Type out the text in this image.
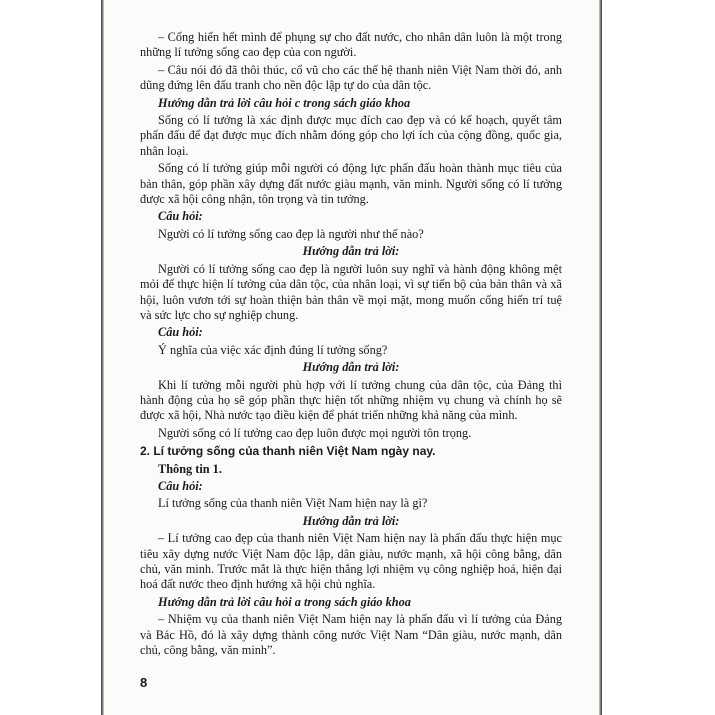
– Cống hiến hết mình để phụng sự cho đất nước, cho nhân dân luôn là một trong những lí tưởng sống cao đẹp của con người.

– Câu nói đó đã thôi thúc, cổ vũ cho các thế hệ thanh niên Việt Nam thời đó, anh dũng đứng lên đấu tranh cho nền độc lập tự do của dân tộc.

Hướng dẫn trả lời câu hỏi c trong sách giáo khoa

Sống có lí tưởng là xác định được mục đích cao đẹp và có kế hoạch, quyết tâm phấn đấu để đạt được mục đích nhằm đóng góp cho lợi ích của cộng đồng, quốc gia, nhân loại.

Sống có lí tưởng giúp mỗi người có động lực phấn đấu hoàn thành mục tiêu của bản thân, góp phần xây dựng đất nước giàu mạnh, văn minh. Người sống có lí tưởng được xã hội công nhận, tôn trọng và tin tưởng.

Câu hỏi:

Người có lí tưởng sống cao đẹp là người như thế nào?

Hướng dẫn trả lời:

Người có lí tưởng sống cao đẹp là người luôn suy nghĩ và hành động không mệt mỏi để thực hiện lí tưởng của dân tộc, của nhân loại, vì sự tiến bộ của bản thân và xã hội, luôn vươn tới sự hoàn thiện bản thân về mọi mặt, mong muốn cống hiến trí tuệ và sức lực cho sự nghiệp chung.

Câu hỏi:

Ý nghĩa của việc xác định đúng lí tưởng sống?

Hướng dẫn trả lời:

Khi lí tưởng mỗi người phù hợp với lí tưởng chung của dân tộc, của Đảng thì hành động của họ sẽ góp phần thực hiện tốt những nhiệm vụ chung và chính họ sẽ được xã hội, Nhà nước tạo điều kiện để phát triển những khả năng của mình.

Người sống có lí tưởng cao đẹp luôn được mọi người tôn trọng.

2. Lí tưởng sống của thanh niên Việt Nam ngày nay.

Thông tin 1.

Câu hỏi:

Lí tưởng sống của thanh niên Việt Nam hiện nay là gì?

Hướng dẫn trả lời:

– Lí tưởng cao đẹp của thanh niên Việt Nam hiện nay là phấn đấu thực hiện mục tiêu xây dựng nước Việt Nam độc lập, dân giàu, nước mạnh, xã hội công bằng, dân chủ, văn minh. Trước mắt là thực hiện thắng lợi nhiệm vụ công nghiệp hoá, hiện đại hoá đất nước theo định hướng xã hội chủ nghĩa.

Hướng dẫn trả lời câu hỏi a trong sách giáo khoa

– Nhiệm vụ của thanh niên Việt Nam hiện nay là phấn đấu vì lí tưởng của Đảng và Bác Hồ, đó là xây dựng thành công nước Việt Nam “Dân giàu, nước mạnh, dân chủ, công bằng, văn minh”.

8
